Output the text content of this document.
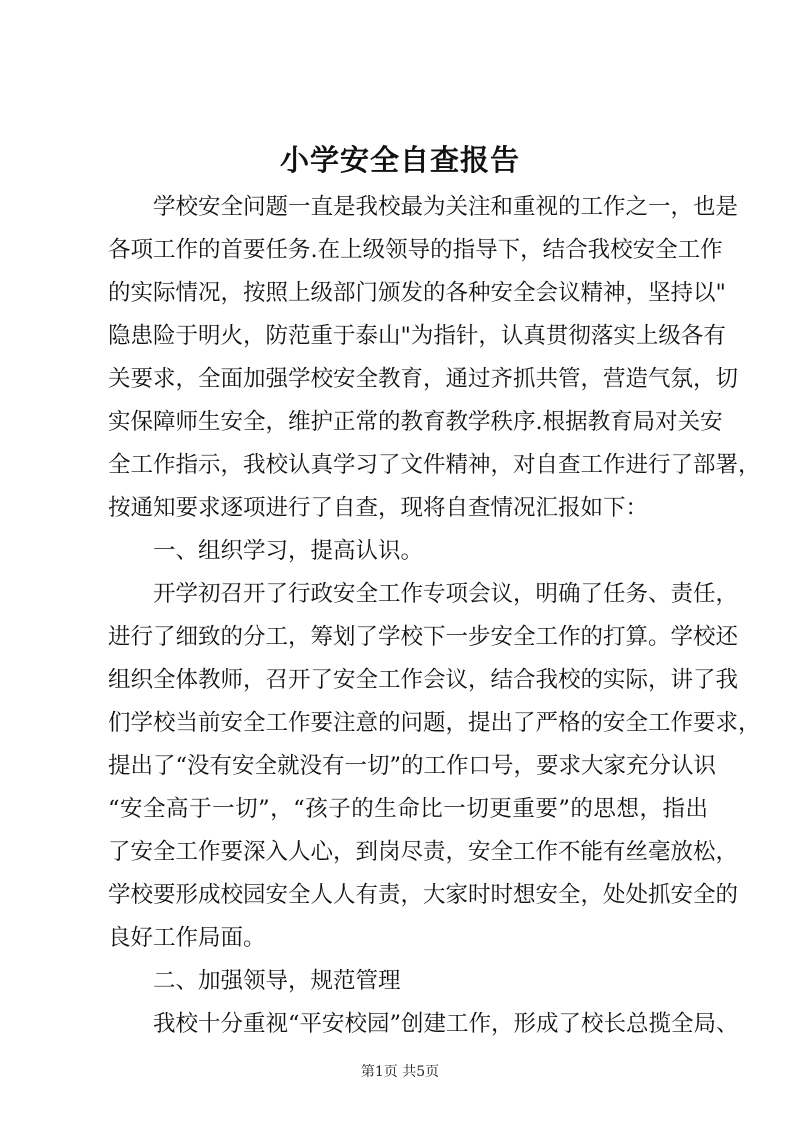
小学安全自查报告
学校安全问题一直是我校最为关注和重视的工作之一，也是
各项工作的首要任务.在上级领导的指导下，结合我校安全工作
的实际情况，按照上级部门颁发的各种安全会议精神，坚持以"
隐患险于明火，防范重于泰山"为指针，认真贯彻落实上级各有
关要求，全面加强学校安全教育，通过齐抓共管，营造气氛，切
实保障师生安全，维护正常的教育教学秩序.根据教育局对关安
全工作指示，我校认真学习了文件精神，对自查工作进行了部署，
按通知要求逐项进行了自查，现将自查情况汇报如下：
一、组织学习，提高认识。
开学初召开了行政安全工作专项会议，明确了任务、责任，
进行了细致的分工，筹划了学校下一步安全工作的打算。学校还
组织全体教师，召开了安全工作会议，结合我校的实际，讲了我
们学校当前安全工作要注意的问题，提出了严格的安全工作要求，
提出了“没有安全就没有一切”的工作口号，要求大家充分认识
“安全高于一切”，“孩子的生命比一切更重要”的思想，指出
了安全工作要深入人心，到岗尽责，安全工作不能有丝毫放松，
学校要形成校园安全人人有责，大家时时想安全，处处抓安全的
良好工作局面。
二、加强领导，规范管理
我校十分重视“平安校园”创建工作，形成了校长总揽全局、
第1页 共5页
